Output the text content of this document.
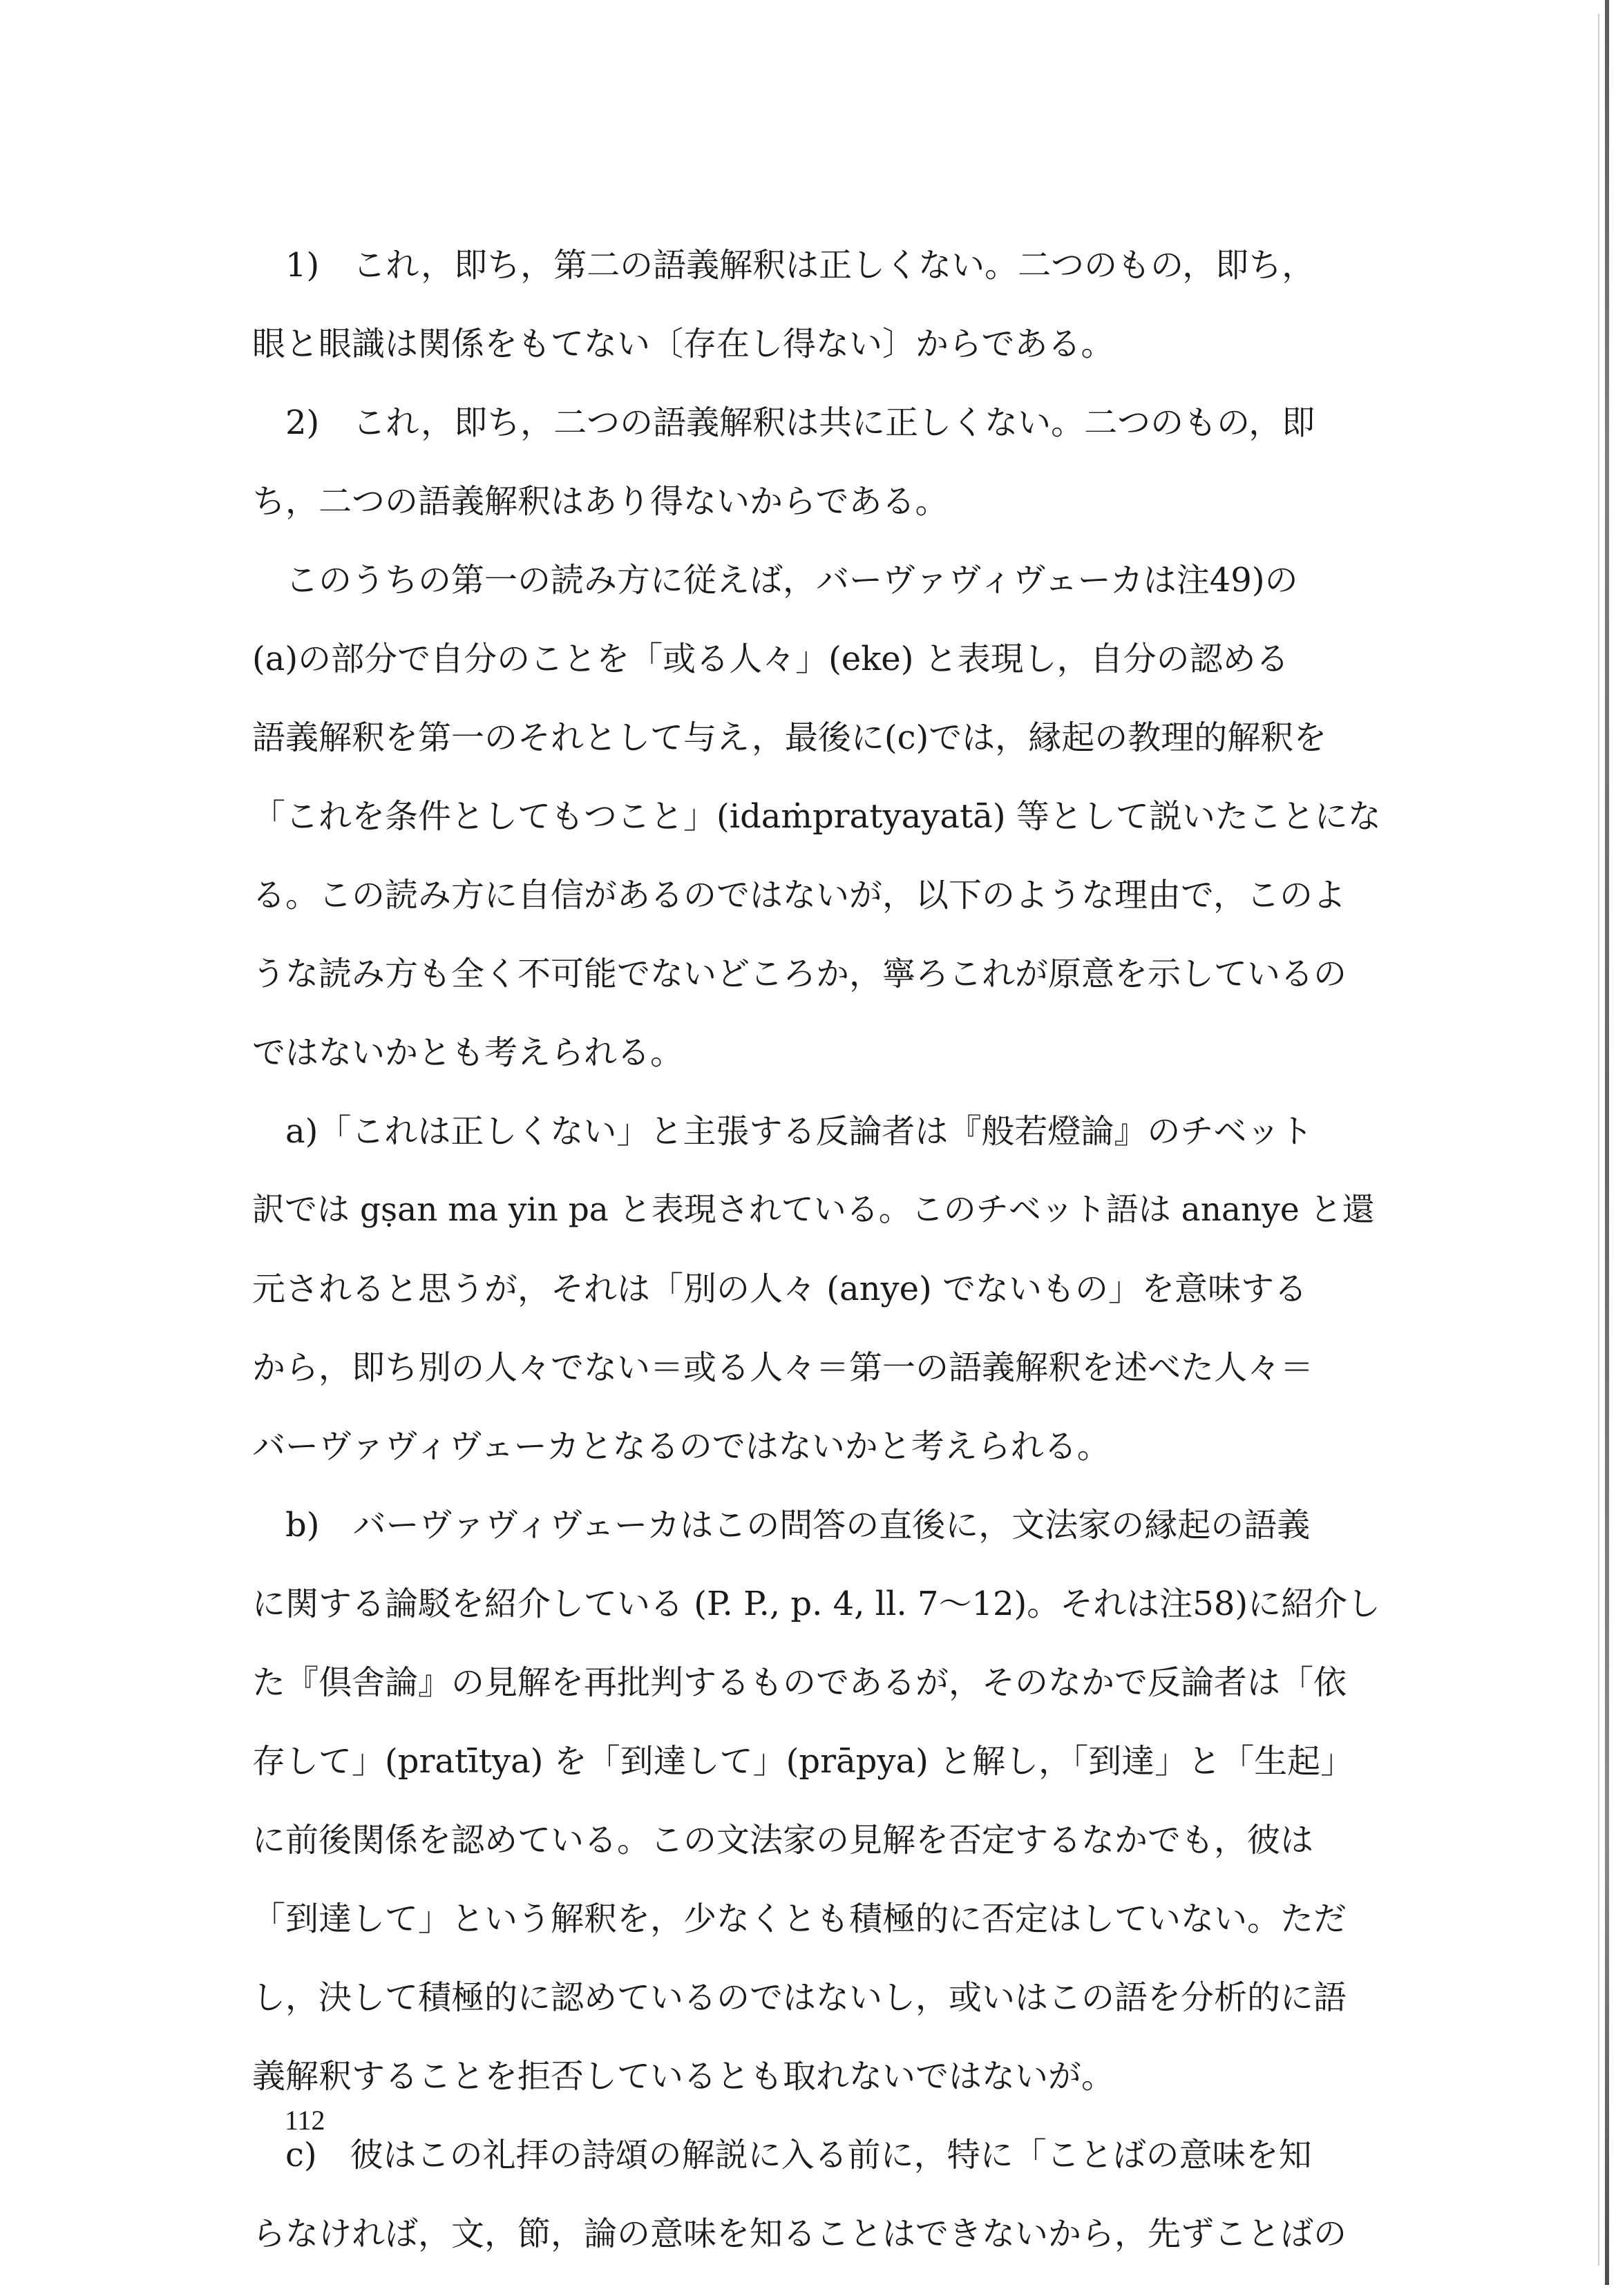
1)　これ，即ち，第二の語義解釈は正しくない。二つのもの，即ち，
眼と眼識は関係をもてない〔存在し得ない〕からである。
2)　これ，即ち，二つの語義解釈は共に正しくない。二つのもの，即
ち，二つの語義解釈はあり得ないからである。
このうちの第一の読み方に従えば，バーヴァヴィヴェーカは注49)の
(a)の部分で自分のことを「或る人々」(eke) と表現し，自分の認める
語義解釈を第一のそれとして与え，最後に(c)では，縁起の教理的解釈を
「これを条件としてもつこと」(idaṁpratyayatā) 等として説いたことにな
る。この読み方に自信があるのではないが，以下のような理由で，このよ
うな読み方も全く不可能でないどころか，寧ろこれが原意を示しているの
ではないかとも考えられる。
a)「これは正しくない」と主張する反論者は『般若燈論』のチベット
訳では gṣan ma yin pa と表現されている。このチベット語は ananye と還
元されると思うが，それは「別の人々 (anye) でないもの」を意味する
から，即ち別の人々でない＝或る人々＝第一の語義解釈を述べた人々＝
バーヴァヴィヴェーカとなるのではないかと考えられる。
b)　バーヴァヴィヴェーカはこの問答の直後に，文法家の縁起の語義
に関する論駁を紹介している (P. P., p. 4, ll. 7～12)。それは注58)に紹介し
た『倶舎論』の見解を再批判するものであるが，そのなかで反論者は「依
存して」(pratītya) を「到達して」(prāpya) と解し，「到達」と「生起」
に前後関係を認めている。この文法家の見解を否定するなかでも，彼は
「到達して」という解釈を，少なくとも積極的に否定はしていない。ただ
し，決して積極的に認めているのではないし，或いはこの語を分析的に語
義解釈することを拒否しているとも取れないではないが。
c)　彼はこの礼拝の詩頌の解説に入る前に，特に「ことばの意味を知
らなければ，文，節，論の意味を知ることはできないから，先ずことばの
112
